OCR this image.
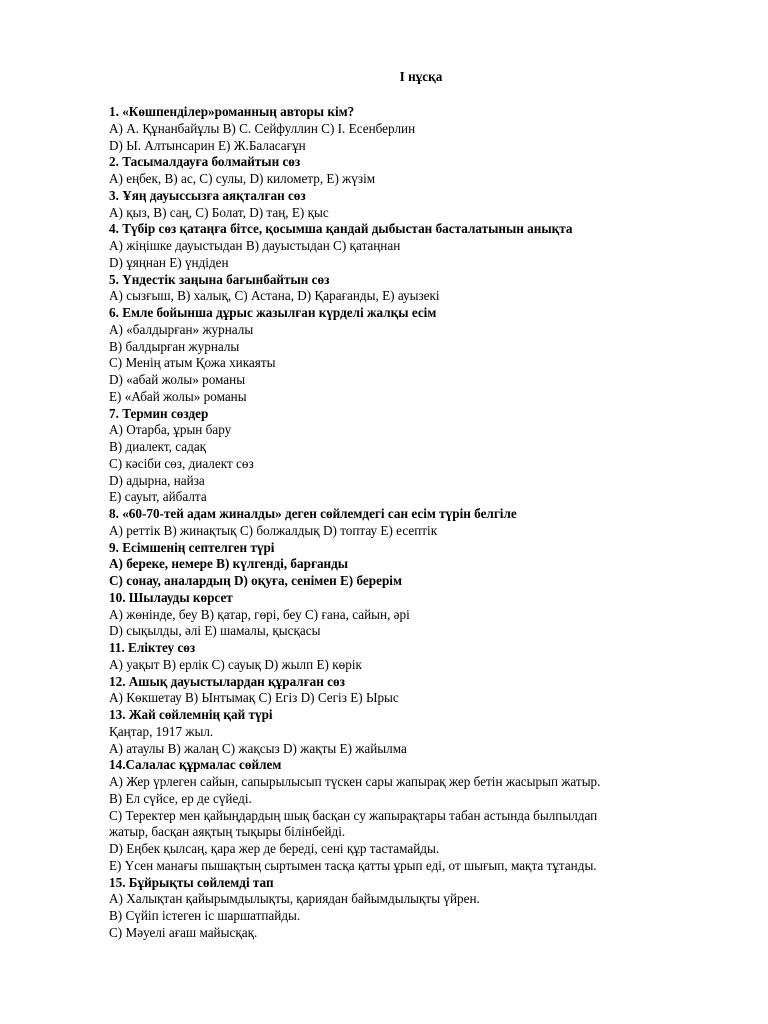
І нұсқа
1. «Көшпенділер»романның авторы кім?
A) А. Құнанбайұлы B) С. Сейфуллин C) І. Есенберлин
D) Ы. Алтынсарин E) Ж.Баласағұн
2. Тасымалдауға болмайтын сөз
A) еңбек, B) ас, C) сулы, D) километр, E) жүзім
3. Ұяң дауыссызға аяқталған сөз
A) қыз, B) саң, C) Болат, D) таң, E) қыс
4. Түбір сөз қатаңға бітсе, қосымша қандай дыбыстан басталатынын анықта
A) жіңішке дауыстыдан B) дауыстыдан C) қатаңнан
D) ұяңнан E) үндіден
5. Үндестік заңына бағынбайтын сөз
A) сызғыш, B) халық, C) Астана, D) Қарағанды, E) ауызекі
6. Емле бойынша дұрыс жазылған күрделі жалқы есім
A) «балдырған» журналы
B) балдырған журналы
C) Менің атым Қожа хикаяты
D) «абай жолы» романы
E) «Абай жолы» романы
7. Термин сөздер
A) Отарба, ұрын бару
B) диалект, садақ
C) кәсіби сөз, диалект сөз
D) адырна, найза
E) сауыт, айбалта
8. «60-70-тей адам жиналды» деген сөйлемдегі сан есім түрін белгіле
A) реттік B) жинақтық C) болжалдық D) топтау E) есептік
9. Есімшенің септелген түрі
A) береке, немере B) күлгенді, барғанды
C) сонау, аналардың D) оқуға, сенімен E) берерім
10. Шылауды көрсет
A) жөнінде, беу B) қатар, гөрі, беу C) ғана, сайын, әрі
D) сықылды, әлі E) шамалы, қысқасы
11. Еліктеу сөз
A) уақыт B) ерлік C) сауық D) жылп E) көрік
12. Ашық дауыстылардан құралған сөз
A) Көкшетау B) Ынтымақ C) Егіз D) Сегіз E) Ырыс
13. Жай сөйлемнің қай түрі
Қаңтар, 1917 жыл.
A) атаулы B) жалаң C) жақсыз D) жақты E) жайылма
14.Салалас құрмалас сөйлем
A) Жер үрлеген сайын, сапырылысып түскен сары жапырақ жер бетін жасырып жатыр.
B) Ел сүйсе, ер де сүйеді.
C) Теректер мен қайыңдардың шық басқан су жапырақтары табан астында былпылдап
жатыр, басқан аяқтың тықыры білінбейді.
D) Еңбек қылсаң, қара жер де береді, сені құр тастамайды.
E) Үсен манағы пышақтың сыртымен тасқа қатты ұрып еді, от шығып, мақта тұтанды.
15. Бұйрықты сөйлемді тап
A) Халықтан қайырымдылықты, қариядан байымдылықты үйрен.
B) Сүйіп істеген іс шаршатпайды.
C) Мәуелі ағаш майысқақ.
